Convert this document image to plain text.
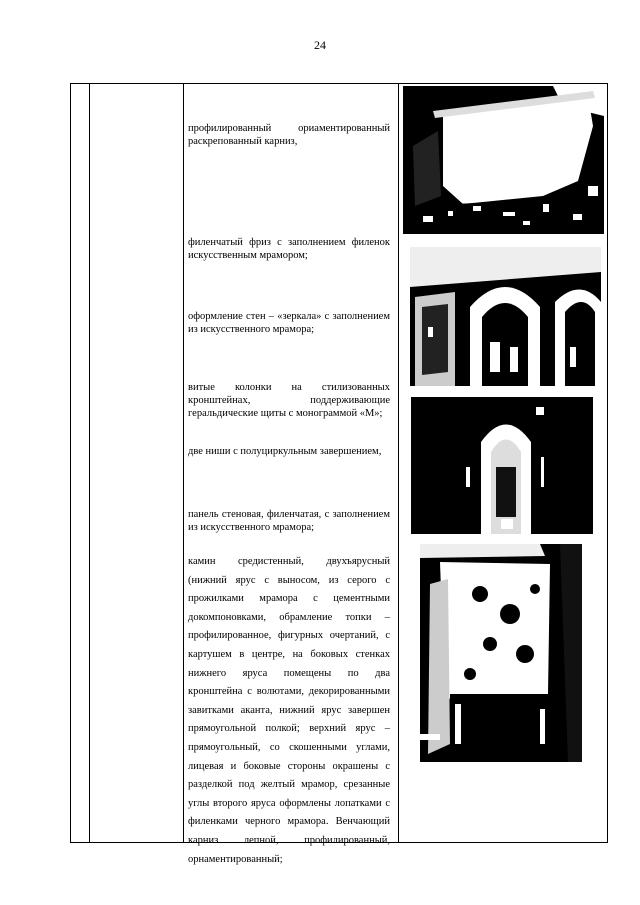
24
профилированный ориаментированный раскрепованный карниз,
филенчатый фриз с заполнением филенок искусственным мрамором;
оформление стен – «зеркала» с заполнением из искусственного мрамора;
витые колонки на стилизованных кронштейнах, поддерживающие геральдические щиты с монограммой «М»;
две ниши с полуциркульным завершением,
панель стеновая, филенчатая, с заполнением из искусственного мрамора;
камин средистенный, двухъярусный (нижний ярус с выносом, из серого с прожилками мрамора с цементными докомпоновками, обрамление топки – профилированное, фигурных очертаний, с картушем в центре, на боковых стенках нижнего яруса помещены по два кронштейна с волютами, декорированными завитками аканта, нижний ярус завершен прямоугольной полкой; верхний ярус – прямоугольный, со скошенными углами, лицевая и боковые стороны окрашены с разделкой под желтый мрамор, срезанные углы второго яруса оформлены лопатками с филенками черного мрамора. Венчающий карниз лепной, профилированный, орнаментированный;
